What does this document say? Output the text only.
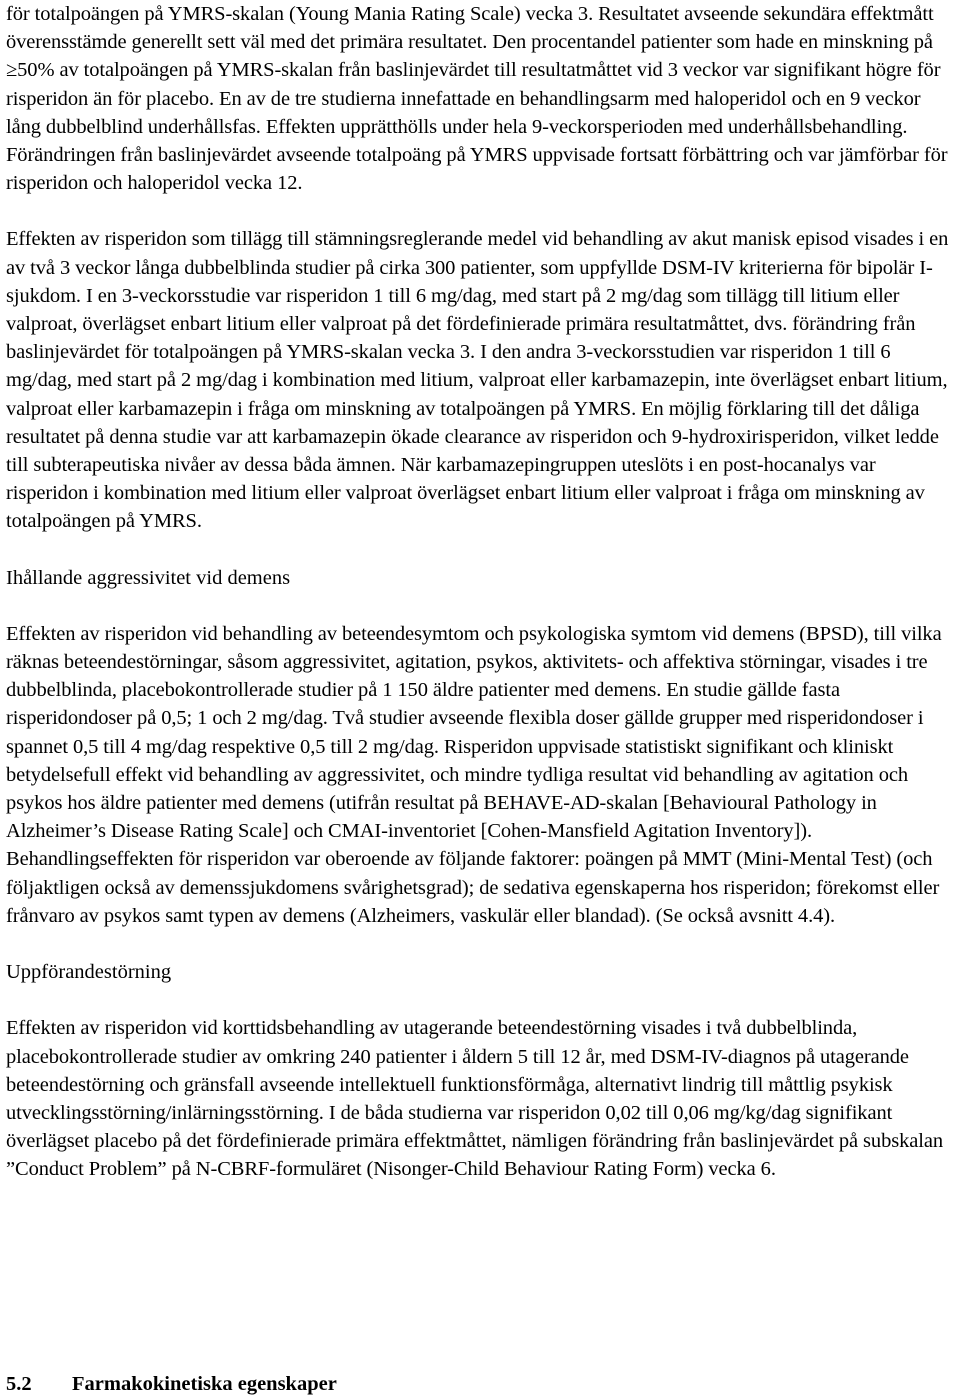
för totalpoängen på YMRS-skalan (Young Mania Rating Scale) vecka 3. Resultatet avseende sekundära effektmått överensstämde generellt sett väl med det primära resultatet. Den procentandel patienter som hade en minskning på ≥50% av totalpoängen på YMRS-skalan från baslinjevärdet till resultatmåttet vid 3 veckor var signifikant högre för risperidon än för placebo. En av de tre studierna innefattade en behandlingsarm med haloperidol och en 9 veckor lång dubbelblind underhållsfas. Effekten upprätthölls under hela 9-veckorsperioden med underhållsbehandling. Förändringen från baslinjevärdet avseende totalpoäng på YMRS uppvisade fortsatt förbättring och var jämförbar för risperidon och haloperidol vecka 12.

Effekten av risperidon som tillägg till stämningsreglerande medel vid behandling av akut manisk episod visades i en av två 3 veckor långa dubbelblinda studier på cirka 300 patienter, som uppfyllde DSM-IV kriterierna för bipolär I-sjukdom. I en 3-veckorsstudie var risperidon 1 till 6 mg/dag, med start på 2 mg/dag som tillägg till litium eller valproat, överlägset enbart litium eller valproat på det fördefinierade primära resultatmåttet, dvs. förändring från baslinjevärdet för totalpoängen på YMRS-skalan vecka 3. I den andra 3-veckorsstudien var risperidon 1 till 6 mg/dag, med start på 2 mg/dag i kombination med litium, valproat eller karbamazepin, inte överlägset enbart litium, valproat eller karbamazepin i fråga om minskning av totalpoängen på YMRS. En möjlig förklaring till det dåliga resultatet på denna studie var att karbamazepin ökade clearance av risperidon och 9-hydroxirisperidon, vilket ledde till subterapeutiska nivåer av dessa båda ämnen. När karbamazepingruppen uteslöts i en post-hocanalys var risperidon i kombination med litium eller valproat överlägset enbart litium eller valproat i fråga om minskning av totalpoängen på YMRS.

Ihållande aggressivitet vid demens

Effekten av risperidon vid behandling av beteendesymtom och psykologiska symtom vid demens (BPSD), till vilka räknas beteendestörningar, såsom aggressivitet, agitation, psykos, aktivitets- och affektiva störningar, visades i tre dubbelblinda, placebokontrollerade studier på 1 150 äldre patienter med demens. En studie gällde fasta risperidondoser på 0,5; 1 och 2 mg/dag. Två studier avseende flexibla doser gällde grupper med risperidondoser i spannet 0,5 till 4 mg/dag respektive 0,5 till 2 mg/dag. Risperidon uppvisade statistiskt signifikant och kliniskt betydelsefull effekt vid behandling av aggressivitet, och mindre tydliga resultat vid behandling av agitation och psykos hos äldre patienter med demens (utifrån resultat på BEHAVE-AD-skalan [Behavioural Pathology in Alzheimer’s Disease Rating Scale] och CMAI-inventoriet [Cohen-Mansfield Agitation Inventory]). Behandlingseffekten för risperidon var oberoende av följande faktorer: poängen på MMT (Mini-Mental Test) (och följaktligen också av demenssjukdomens svårighetsgrad); de sedativa egenskaperna hos risperidon; förekomst eller frånvaro av psykos samt typen av demens (Alzheimers, vaskulär eller blandad). (Se också avsnitt 4.4).

Uppförandestörning

Effekten av risperidon vid korttidsbehandling av utagerande beteendestörning visades i två dubbelblinda, placebokontrollerade studier av omkring 240 patienter i åldern 5 till 12 år, med DSM-IV-diagnos på utagerande beteendestörning och gränsfall avseende intellektuell funktionsförmåga, alternativt lindrig till måttlig psykisk utvecklingsstörning/inlärningsstörning. I de båda studierna var risperidon 0,02 till 0,06 mg/kg/dag signifikant överlägset placebo på det fördefinierade primära effektmåttet, nämligen förändring från baslinjevärdet på subskalan ”Conduct Problem” på N-CBRF-formuläret (Nisonger-Child Behaviour Rating Form) vecka 6.

5.2 Farmakokinetiska egenskaper
